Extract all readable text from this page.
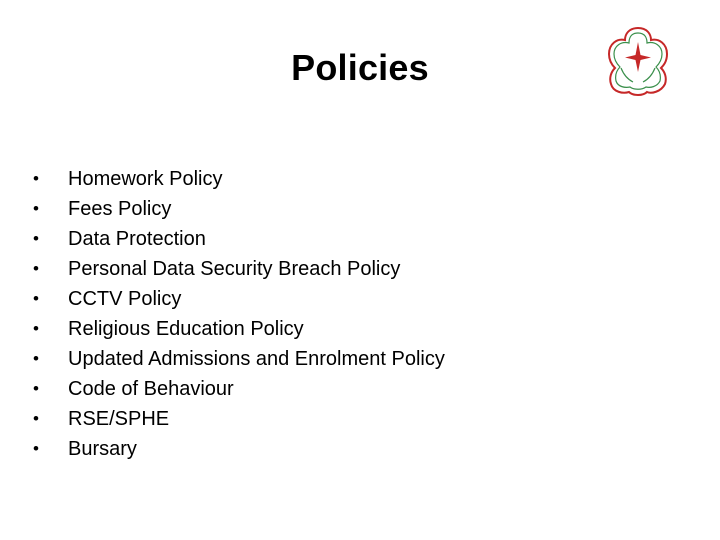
Policies
• Homework Policy
• Fees Policy
• Data Protection
• Personal Data Security Breach Policy
• CCTV Policy
• Religious Education Policy
• Updated Admissions and Enrolment Policy
• Code of Behaviour
• RSE/SPHE
• Bursary
